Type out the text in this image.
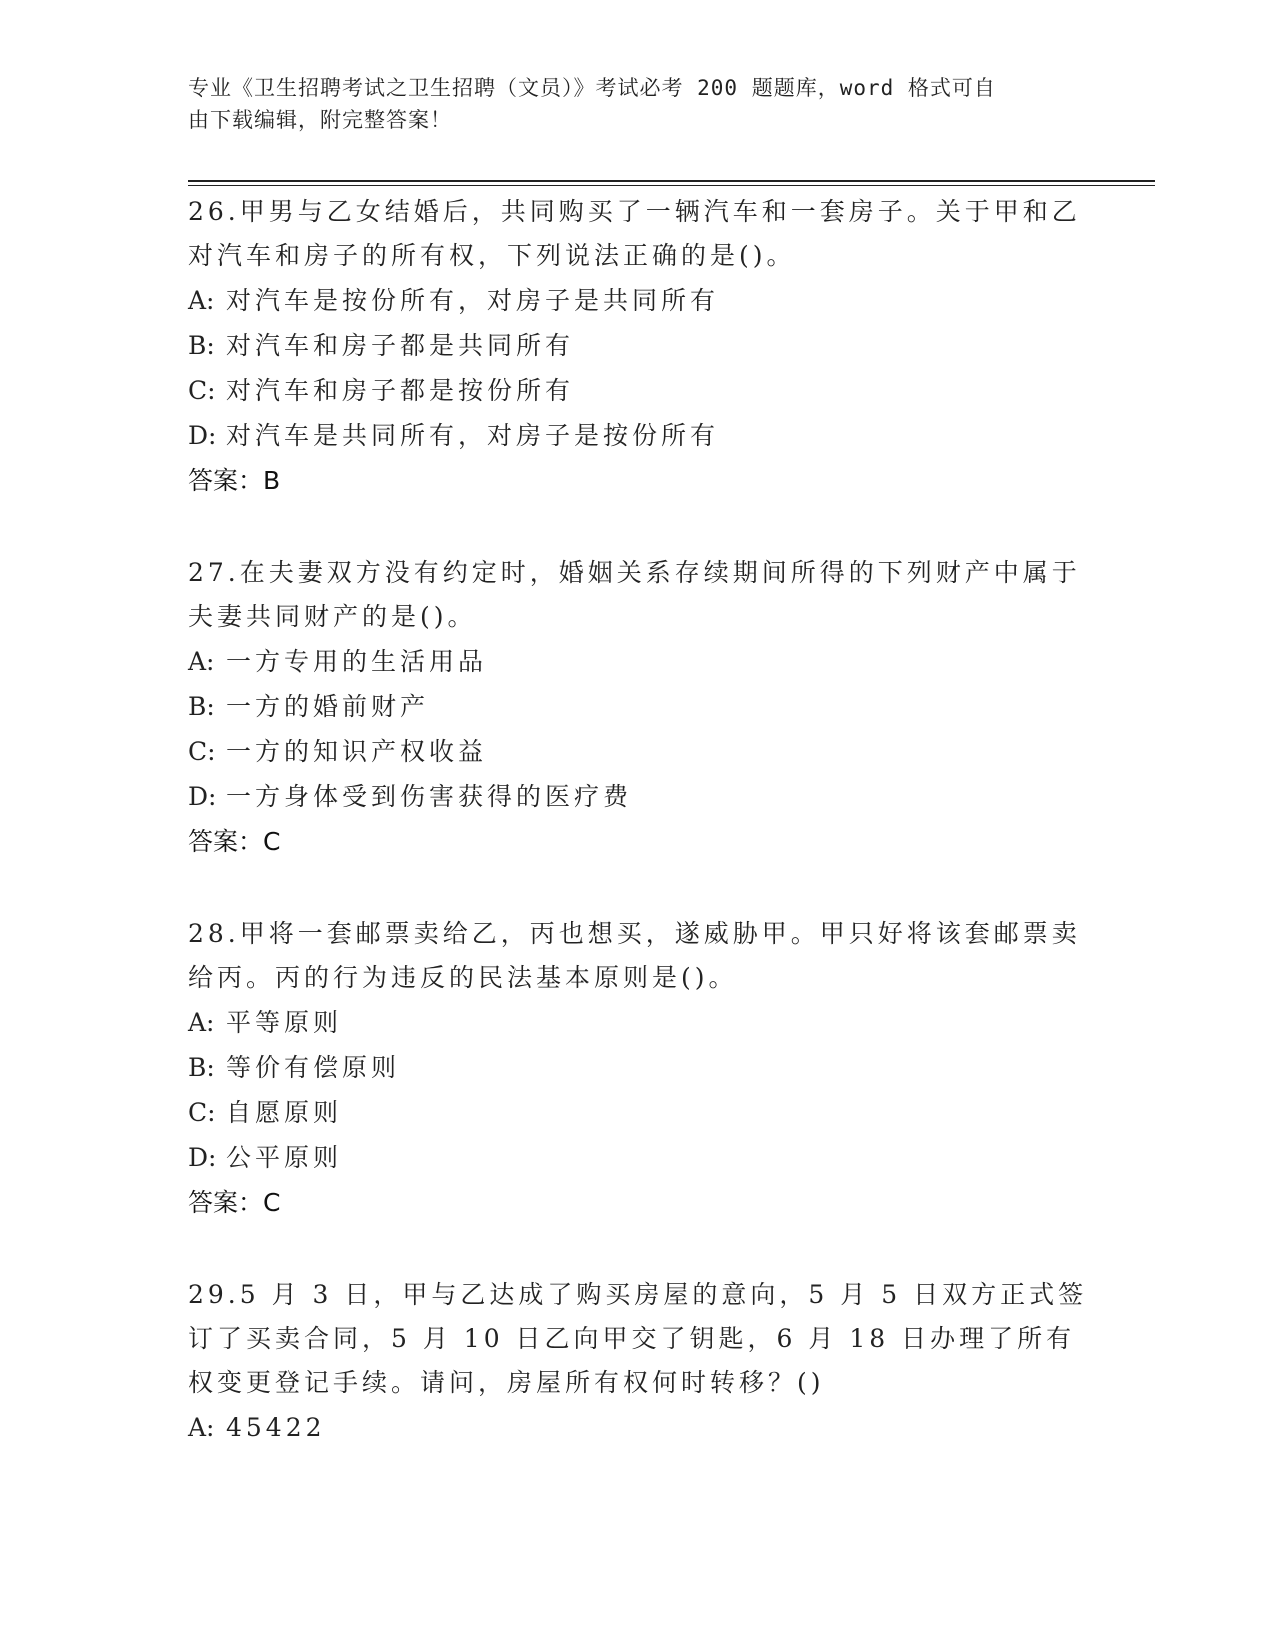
专业《卫生招聘考试之卫生招聘（文员）》考试必考 200 题题库，word 格式可自
由下载编辑，附完整答案！

26.甲男与乙女结婚后，共同购买了一辆汽车和一套房子。关于甲和乙对汽车和房子的所有权，下列说法正确的是()。

A: 对汽车是按份所有，对房子是共同所有
B: 对汽车和房子都是共同所有
C: 对汽车和房子都是按份所有
D: 对汽车是共同所有，对房子是按份所有

答案：B

27.在夫妻双方没有约定时，婚姻关系存续期间所得的下列财产中属于夫妻共同财产的是()。

A: 一方专用的生活用品
B: 一方的婚前财产
C: 一方的知识产权收益
D: 一方身体受到伤害获得的医疗费

答案：C

28.甲将一套邮票卖给乙，丙也想买，遂威胁甲。甲只好将该套邮票卖给丙。丙的行为违反的民法基本原则是()。

A: 平等原则
B: 等价有偿原则
C: 自愿原则
D: 公平原则

答案：C

29.5 月 3 日，甲与乙达成了购买房屋的意向，5 月 5 日双方正式签订了买卖合同，5 月 10 日乙向甲交了钥匙，6 月 18 日办理了所有权变更登记手续。请问，房屋所有权何时转移？()

A: 45422
